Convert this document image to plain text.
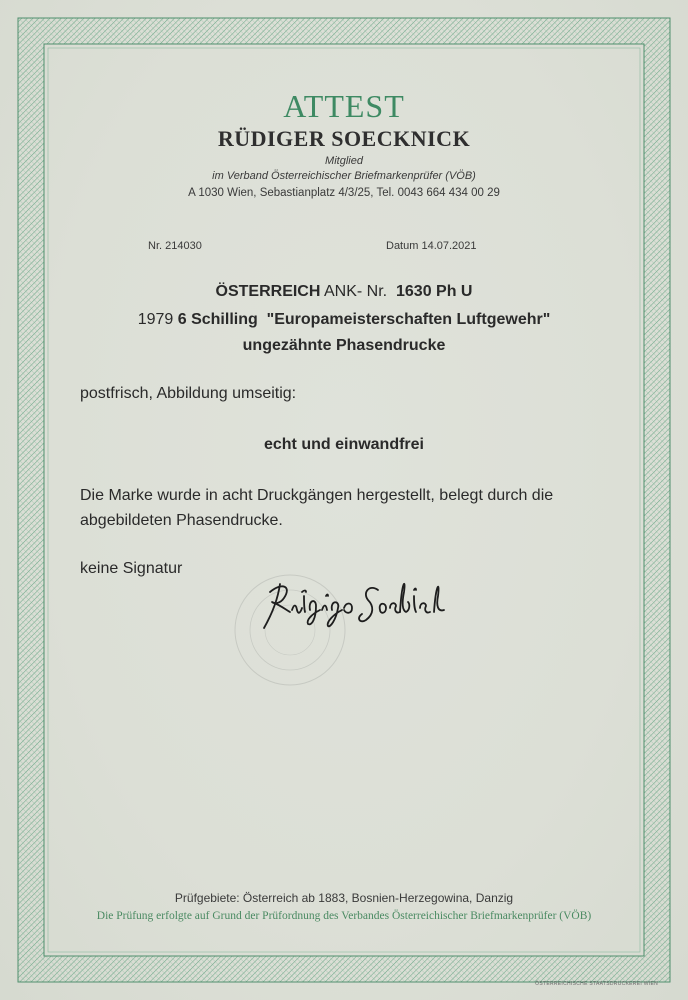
ATTEST
RÜDIGER SOECKNICK
Mitglied
im Verband Österreichischer Briefmarkenprüfer (VÖB)
A 1030 Wien, Sebastianplatz 4/3/25, Tel. 0043 664 434 00 29
Nr. 214030	Datum 14.07.2021
ÖSTERREICH ANK- Nr. 1630 Ph U
1979 6 Schilling "Europameisterschaften Luftgewehr"
ungezähnte Phasendrucke
postfrisch, Abbildung umseitig:
echt und einwandfrei
Die Marke wurde in acht Druckgängen hergestellt, belegt durch die
abgebildeten Phasendrucke.
keine Signatur
Prüfgebiete: Österreich ab 1883, Bosnien-Herzegowina, Danzig
Die Prüfung erfolgte auf Grund der Prüfordnung des Verbandes Österreichischer Briefmarkenprüfer (VÖB)
ÖSTERREICHISCHE STAATSDRUCKEREI WIEN
